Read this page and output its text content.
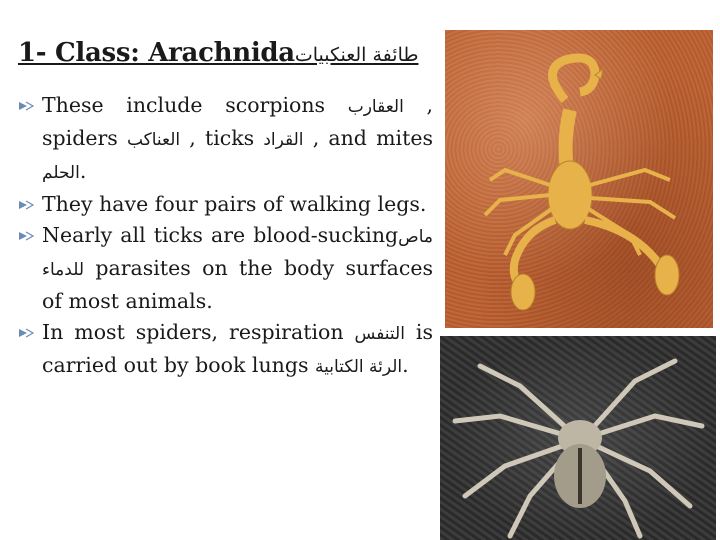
1- Class: Arachnidaطائفة العنكبيات
These include scorpions العقارب , spiders العناكب , ticks القراد , and mites الحلم.
They have four pairs of walking legs.
Nearly all ticks are blood-suckingماص للدماء parasites on the body surfaces of most animals.
In most spiders, respiration التنفس is carried out by book lungs الرئة الكتابية.
